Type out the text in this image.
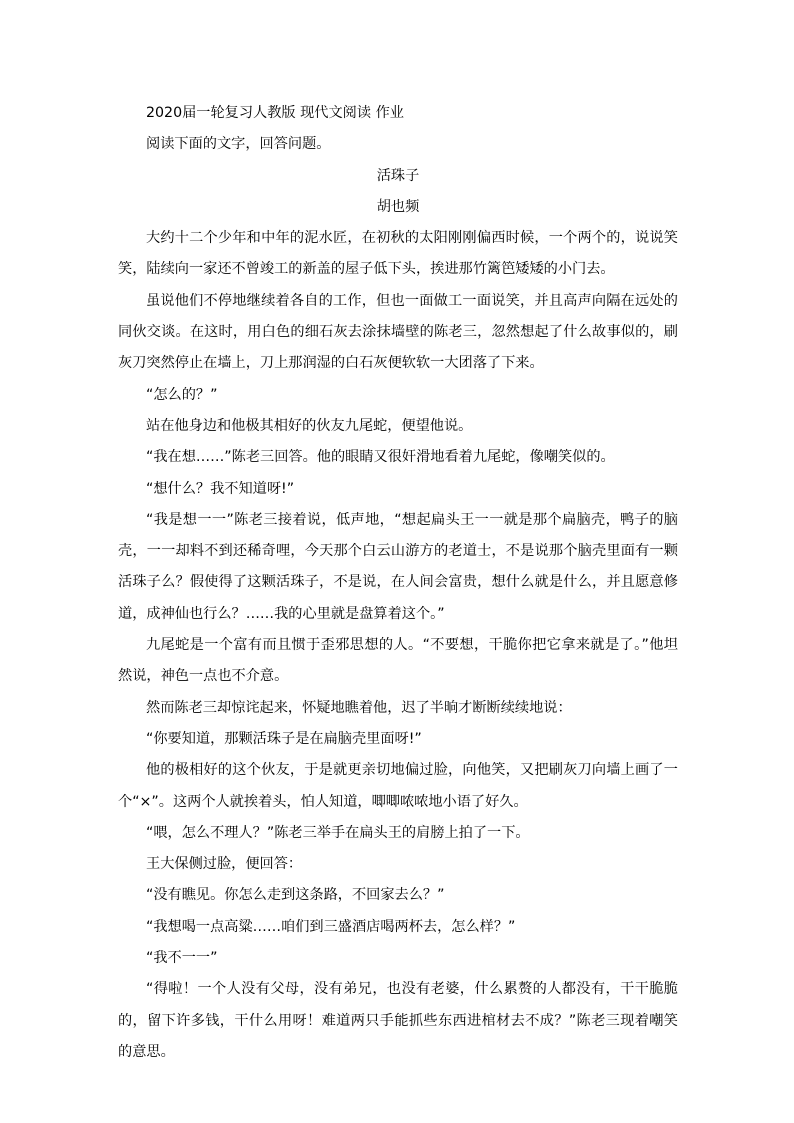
2020届一轮复习人教版 现代文阅读 作业

阅读下面的文字，回答问题。

活珠子

胡也频

大约十二个少年和中年的泥水匠，在初秋的太阳刚刚偏西时候，一个两个的，说说笑笑，陆续向一家还不曾竣工的新盖的屋子低下头，挨进那竹篱笆矮矮的小门去。

虽说他们不停地继续着各自的工作，但也一面做工一面说笑，并且高声向隔在远处的同伙交谈。在这时，用白色的细石灰去涂抹墙壁的陈老三，忽然想起了什么故事似的，刷灰刀突然停止在墙上，刀上那润湿的白石灰便软软一大团落了下来。

“怎么的？”

站在他身边和他极其相好的伙友九尾蛇，便望他说。

“我在想……”陈老三回答。他的眼睛又很奸滑地看着九尾蛇，像嘲笑似的。

“想什么？我不知道呀!”

“我是想一一”陈老三接着说，低声地，“想起扁头王一一就是那个扁脑壳，鸭子的脑壳，一一却料不到还稀奇哩，今天那个白云山游方的老道士，不是说那个脑壳里面有一颗活珠子么？假使得了这颗活珠子，不是说，在人间会富贵，想什么就是什么，并且愿意修道，成神仙也行么？……我的心里就是盘算着这个。”

九尾蛇是一个富有而且惯于歪邪思想的人。“不要想，干脆你把它拿来就是了。”他坦然说，神色一点也不介意。

然而陈老三却惊诧起来，怀疑地瞧着他，迟了半晌才断断续续地说：

“你要知道，那颗活珠子是在扁脑壳里面呀!”

他的极相好的这个伙友，于是就更亲切地偏过脸，向他笑，又把刷灰刀向墙上画了一个“×”。这两个人就挨着头，怕人知道，唧唧哝哝地小语了好久。

“喂，怎么不理人？”陈老三举手在扁头王的肩膀上拍了一下。

王大保侧过脸，便回答：

“没有瞧见。你怎么走到这条路，不回家去么？”

“我想喝一点高粱……咱们到三盛酒店喝两杯去，怎么样？”

“我不一一”

“得啦！一个人没有父母，没有弟兄，也没有老婆，什么累赘的人都没有，干干脆脆的，留下许多钱，干什么用呀！难道两只手能抓些东西进棺材去不成？”陈老三现着嘲笑的意思。
